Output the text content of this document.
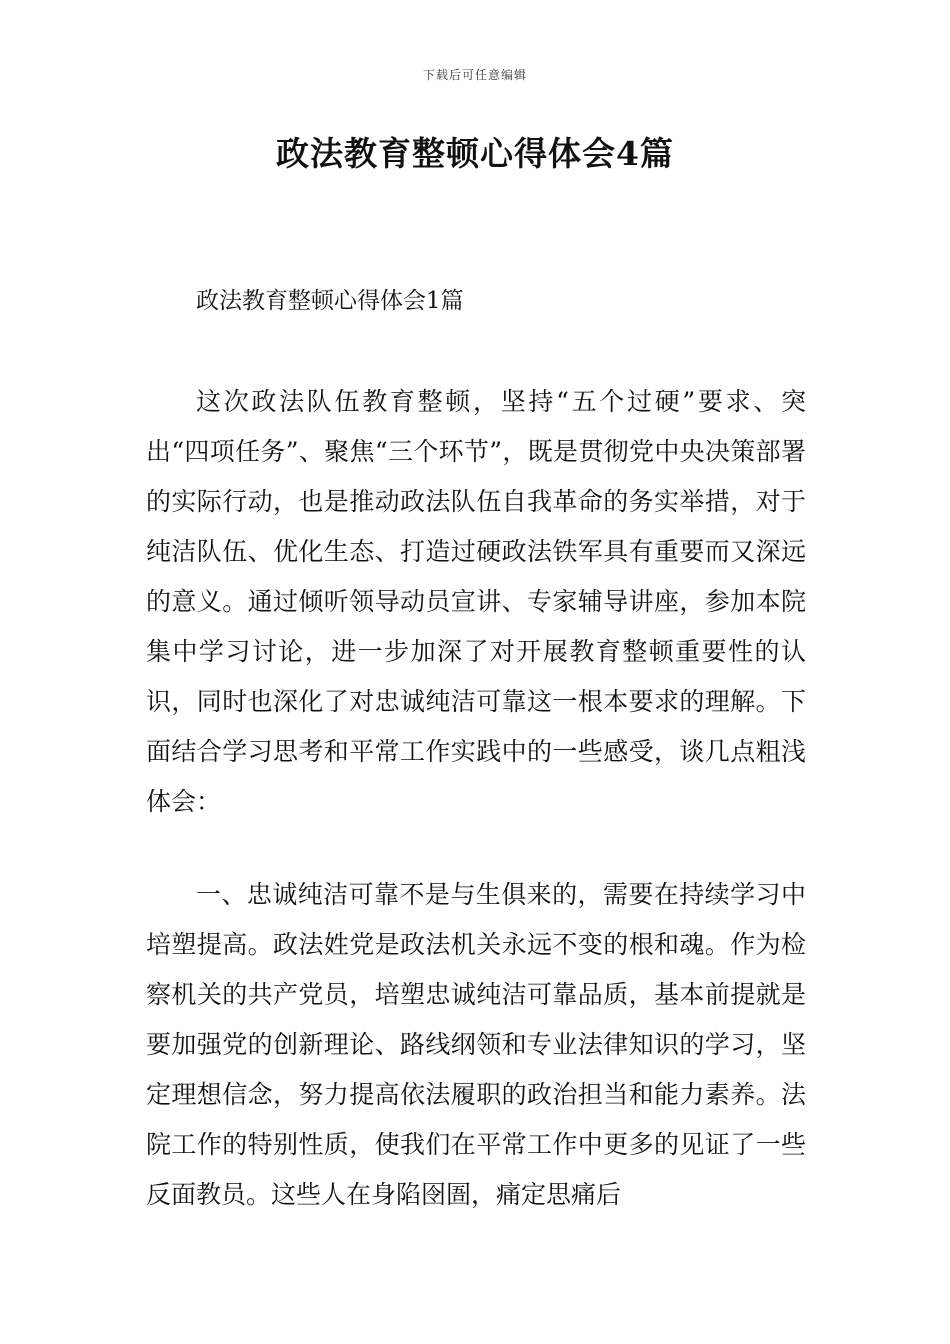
下载后可任意编辑
政法教育整顿心得体会4篇
政法教育整顿心得体会1篇

这次政法队伍教育整顿，坚持“五个过硬”要求、突出“四项任务”、聚焦“三个环节”，既是贯彻党中央决策部署的实际行动，也是推动政法队伍自我革命的务实举措，对于纯洁队伍、优化生态、打造过硬政法铁军具有重要而又深远的意义。通过倾听领导动员宣讲、专家辅导讲座，参加本院集中学习讨论，进一步加深了对开展教育整顿重要性的认识，同时也深化了对忠诚纯洁可靠这一根本要求的理解。下面结合学习思考和平常工作实践中的一些感受，谈几点粗浅体会：

一、忠诚纯洁可靠不是与生俱来的，需要在持续学习中培塑提高。政法姓党是政法机关永远不变的根和魂。作为检察机关的共产党员，培塑忠诚纯洁可靠品质，基本前提就是要加强党的创新理论、路线纲领和专业法律知识的学习，坚定理想信念，努力提高依法履职的政治担当和能力素养。法院工作的特别性质，使我们在平常工作中更多的见证了一些反面教员。这些人在身陷囹圄，痛定思痛后
